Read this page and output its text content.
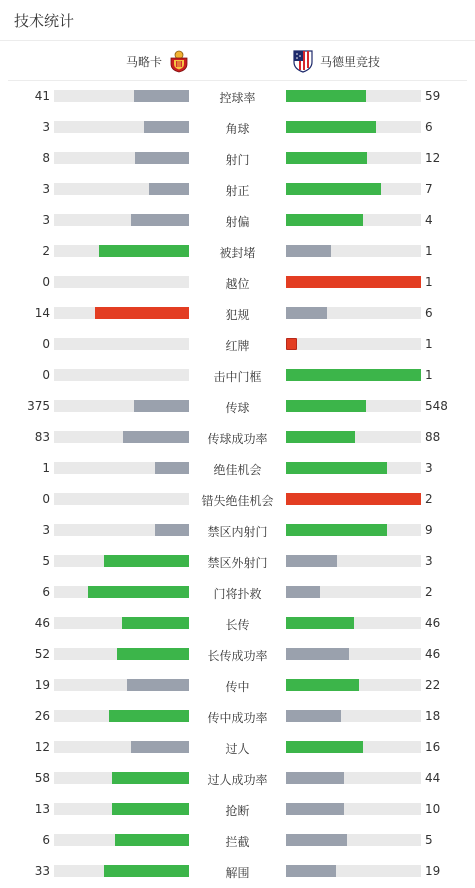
技术统计
马略卡	马德里竞技
41	控球率	59
3	角球	6
8	射门	12
3	射正	7
3	射偏	4
2	被封堵	1
0	越位	1
14	犯规	6
0	红牌	1
0	击中门框	1
375	传球	548
83	传球成功率	88
1	绝佳机会	3
0	错失绝佳机会	2
3	禁区内射门	9
5	禁区外射门	3
6	门将扑救	2
46	长传	46
52	长传成功率	46
19	传中	22
26	传中成功率	18
12	过人	16
58	过人成功率	44
13	抢断	10
6	拦截	5
33	解围	19
